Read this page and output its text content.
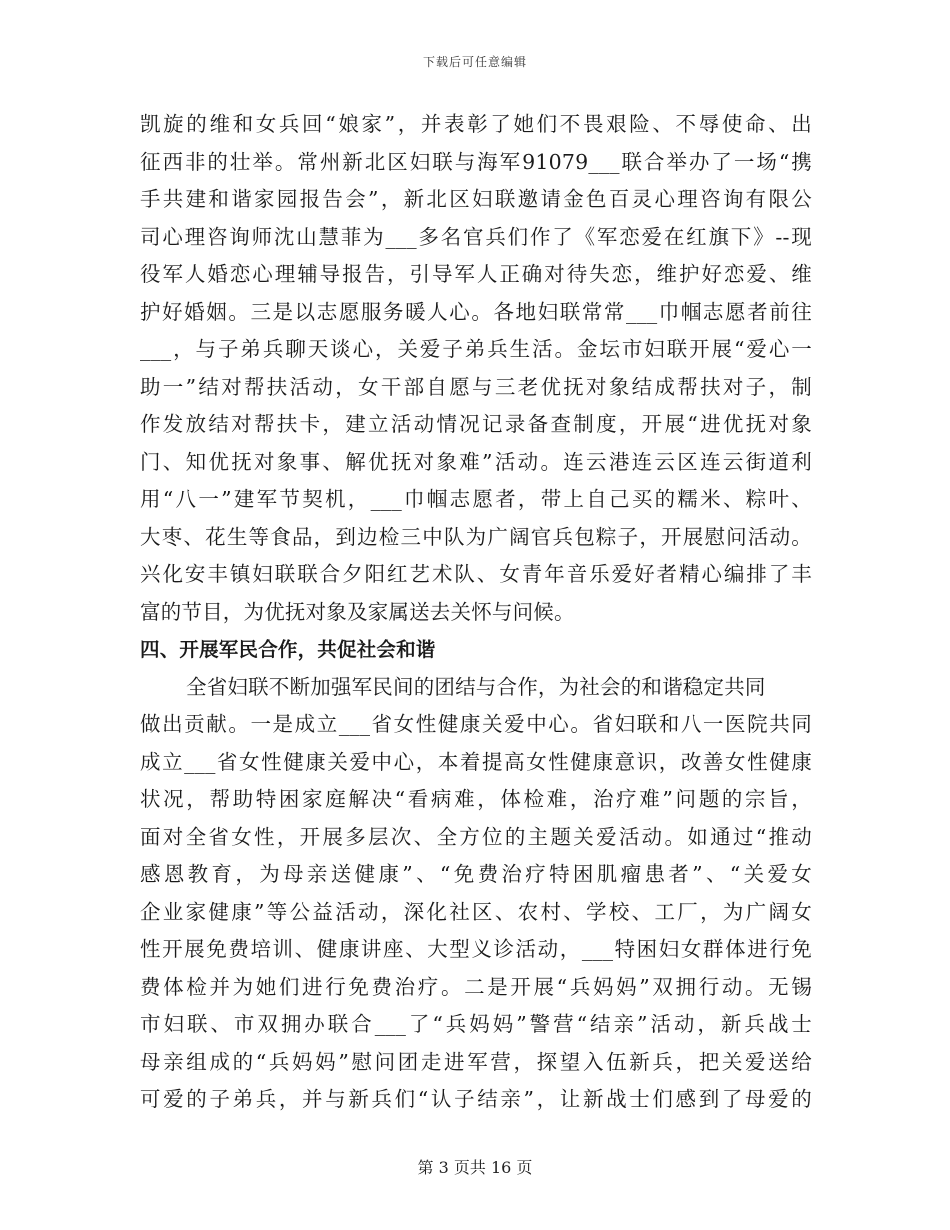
下载后可任意编辑
凯旋的维和女兵回“娘家”，并表彰了她们不畏艰险、不辱使命、出
征西非的壮举。常州新北区妇联与海军91079___联合举办了一场“携
手共建和谐家园报告会”，新北区妇联邀请金色百灵心理咨询有限公
司心理咨询师沈山慧菲为___多名官兵们作了《军恋爱在红旗下》--现
役军人婚恋心理辅导报告，引导军人正确对待失恋，维护好恋爱、维
护好婚姻。三是以志愿服务暖人心。各地妇联常常___巾帼志愿者前往
___，与子弟兵聊天谈心，关爱子弟兵生活。金坛市妇联开展“爱心一
助一”结对帮扶活动，女干部自愿与三老优抚对象结成帮扶对子，制
作发放结对帮扶卡，建立活动情况记录备查制度，开展“进优抚对象
门、知优抚对象事、解优抚对象难”活动。连云港连云区连云街道利
用“八一”建军节契机，___巾帼志愿者，带上自己买的糯米、粽叶、
大枣、花生等食品，到边检三中队为广阔官兵包粽子，开展慰问活动。
兴化安丰镇妇联联合夕阳红艺术队、女青年音乐爱好者精心编排了丰
富的节目，为优抚对象及家属送去关怀与问候。
四、开展军民合作，共促社会和谐
全省妇联不断加强军民间的团结与合作，为社会的和谐稳定共同
做出贡献。一是成立___省女性健康关爱中心。省妇联和八一医院共同
成立___省女性健康关爱中心，本着提高女性健康意识，改善女性健康
状况，帮助特困家庭解决“看病难，体检难，治疗难”问题的宗旨，
面对全省女性，开展多层次、全方位的主题关爱活动。如通过“推动
感恩教育，为母亲送健康”、“免费治疗特困肌瘤患者”、“关爱女
企业家健康”等公益活动，深化社区、农村、学校、工厂，为广阔女
性开展免费培训、健康讲座、大型义诊活动，___特困妇女群体进行免
费体检并为她们进行免费治疗。二是开展“兵妈妈”双拥行动。无锡
市妇联、市双拥办联合___了“兵妈妈”警营“结亲”活动，新兵战士
母亲组成的“兵妈妈”慰问团走进军营，探望入伍新兵，把关爱送给
可爱的子弟兵，并与新兵们“认子结亲”，让新战士们感到了母爱的
第 3 页共 16 页
